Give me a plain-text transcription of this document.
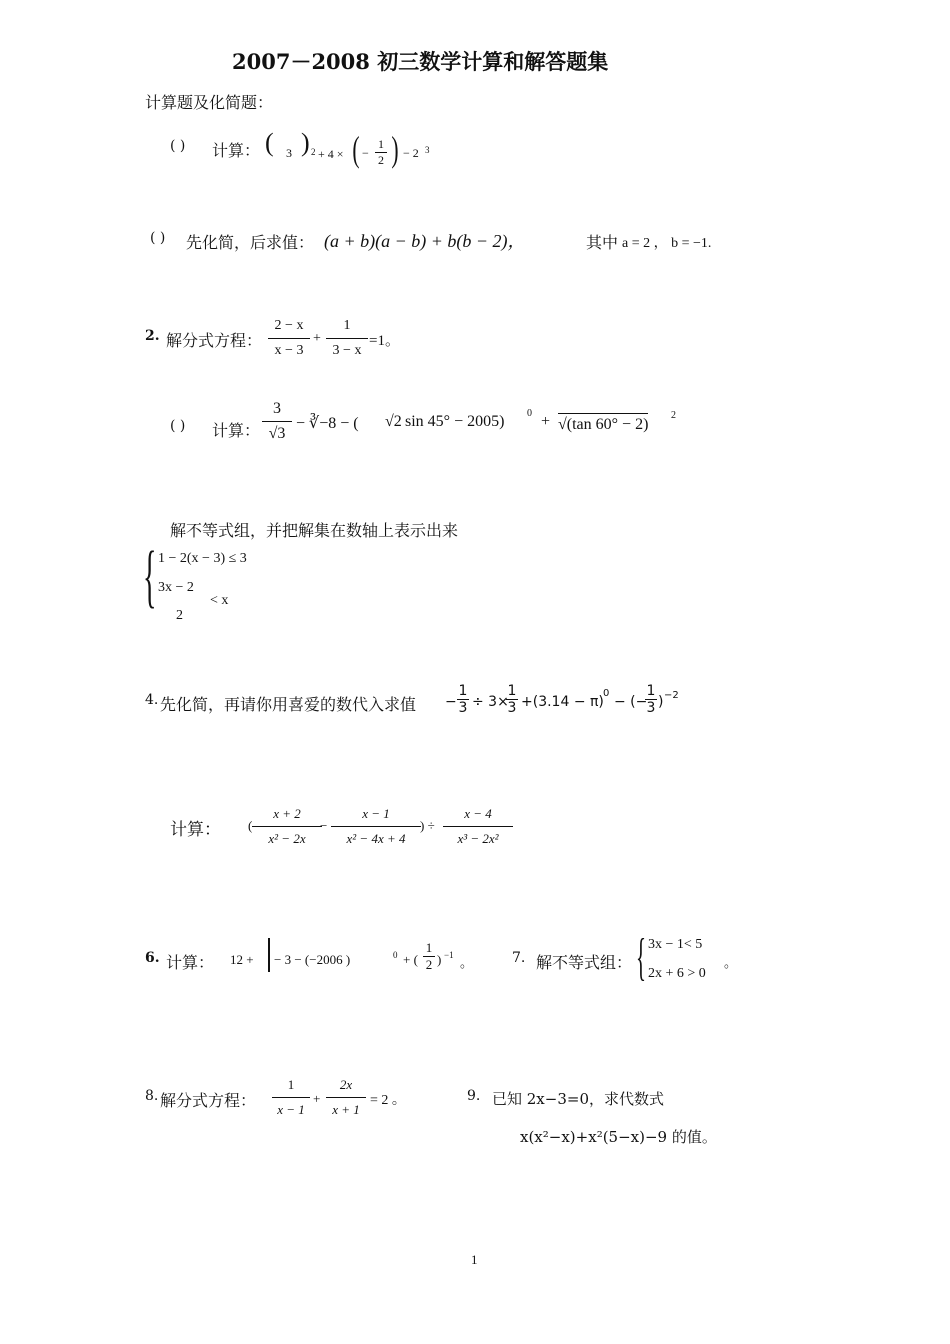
2007－2008 初三数学计算和解答题集
计算题及化简题：
( ) 计算： ( 3 ) 2 + 4 × ( −
1
2 ) − 2 3
( ) 先化简，后求值： (a + b)(a − b) + b(b − 2)，	其中 a = 2 ， b = −1.
2. 解分式方程：
2 − x
x − 3
+
1
3 − x
=1。
( ) 计算：
3
√3
− ∛−8 − ( √2 sin 45° − 2005) 0 + √(tan 60° − 2)
2
解不等式组，并把解集在数轴上表示出来
{ 1 − 2(x − 3) ≤ 3
3x − 2
< x
2
4. 先化简，再请你用喜爱的数代入求值 −
1
3 ÷ 3×
1
3 +(3.14 − π)
0
− (−
1
3 ) −2
计算： (
x + 2
x² − 2x
−
x − 1
x² − 4x + 4
) ÷
x − 4
x³ − 2x²
6. 计算： 12 + − 3 − (−2006 )	0 + (
1
2 ) −1 。	7. 解不等式组： { 3x − 1< 5
2x + 6 > 0
。
8. 解分式方程：
1
x − 1
+
2x
x + 1
= 2 。	9. 已知 2x−3=0，求代数式
x(x²−x)+x²(5−x)−9 的值。
1
